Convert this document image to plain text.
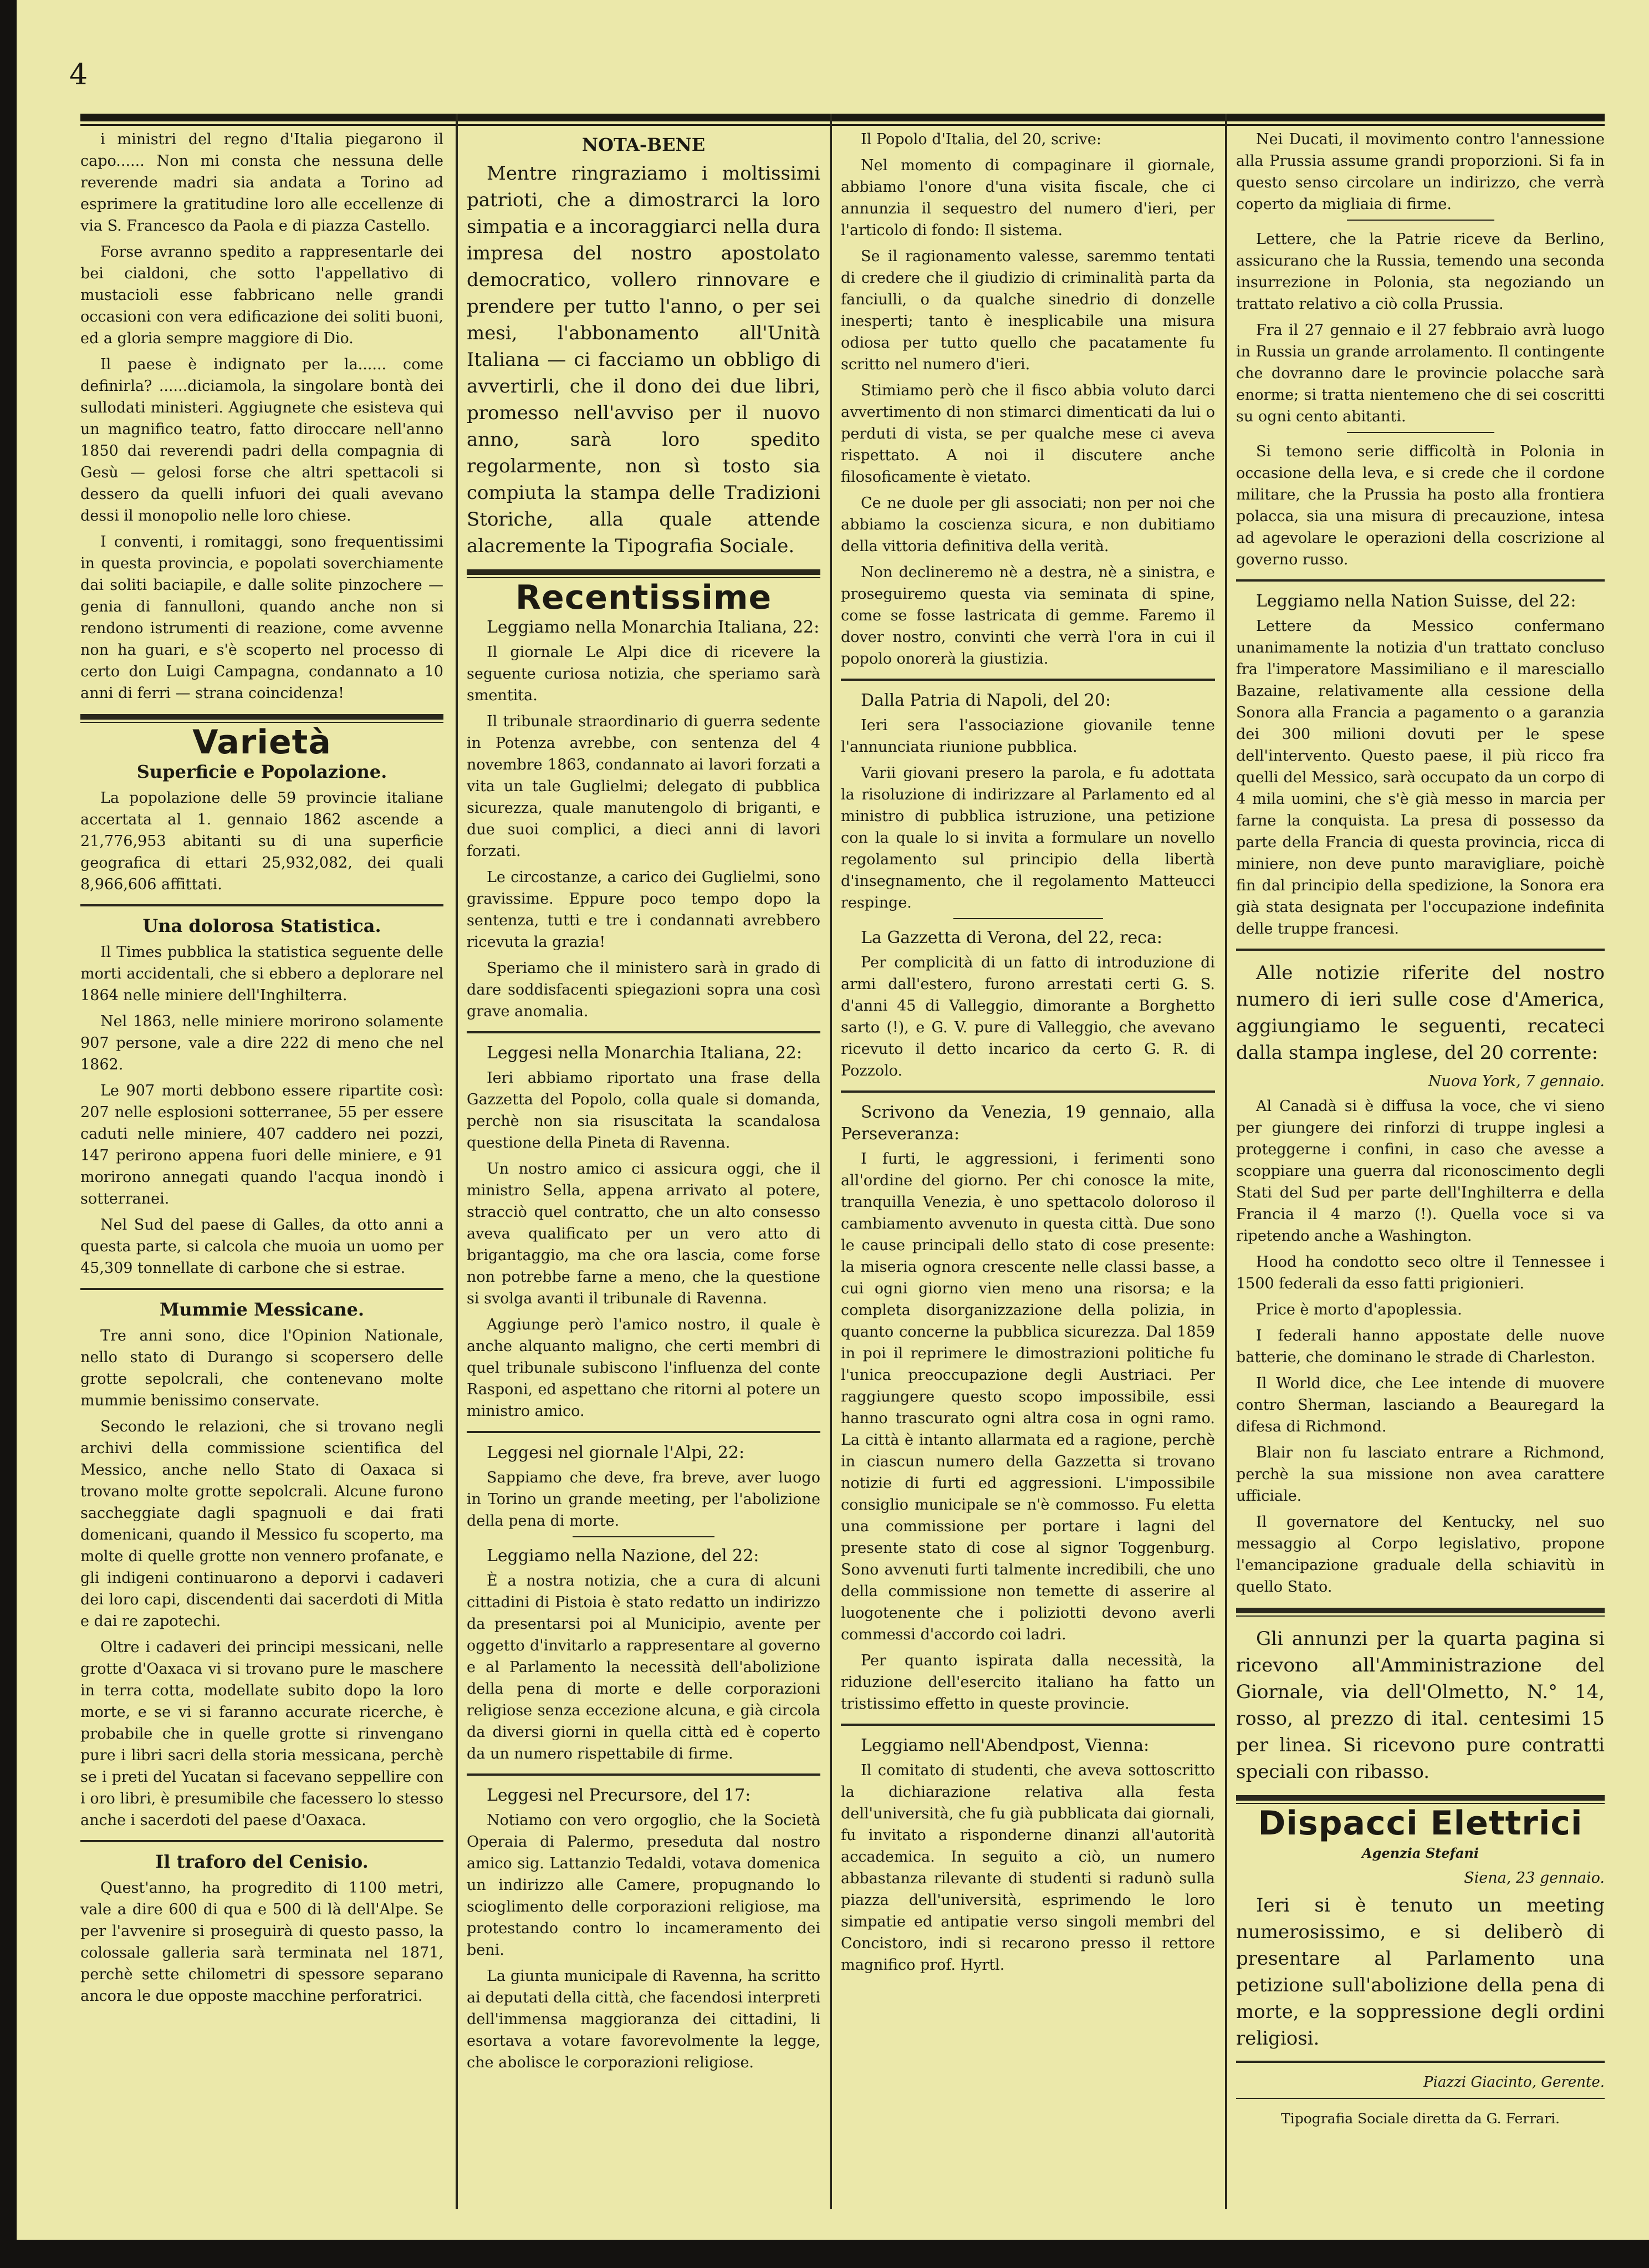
4

i ministri del regno d'Italia piegarono il capo...... Non mi consta che nessuna delle reverende madri sia andata a Torino ad esprimere la gratitudine loro alle eccellenze di via S. Francesco da Paola e di piazza Castello.

Forse avranno spedito a rappresentarle dei bei cialdoni, che sotto l'appellativo di mustacioli esse fabbricano nelle grandi occasioni con vera edificazione dei soliti buoni, ed a gloria sempre maggiore di Dio.

Il paese è indignato per la...... come definirla? ......diciamola, la singolare bontà dei sullodati ministeri. Aggiugnete che esisteva qui un magnifico teatro, fatto diroccare nell'anno 1850 dai reverendi padri della compagnia di Gesù — gelosi forse che altri spettacoli si dessero da quelli infuori dei quali avevano dessi il monopolio nelle loro chiese.

I conventi, i romitaggi, sono frequentissimi in questa provincia, e popolati soverchiamente dai soliti baciapile, e dalle solite pinzochere — genia di fannulloni, quando anche non si rendono istrumenti di reazione, come avvenne non ha guari, e s'è scoperto nel processo di certo don Luigi Campagna, condannato a 10 anni di ferri — strana coincidenza!

Varietà
Superficie e Popolazione.

La popolazione delle 59 provincie italiane accertata al 1. gennaio 1862 ascende a 21,776,953 abitanti su di una superficie geografica di ettari 25,932,082, dei quali 8,966,606 affittati.

Una dolorosa Statistica.

Il Times pubblica la statistica seguente delle morti accidentali, che si ebbero a deplorare nel 1864 nelle miniere dell'Inghilterra.

Nel 1863, nelle miniere morirono solamente 907 persone, vale a dire 222 di meno che nel 1862.

Le 907 morti debbono essere ripartite così: 207 nelle esplosioni sotterranee, 55 per essere caduti nelle miniere, 407 caddero nei pozzi, 147 perirono appena fuori delle miniere, e 91 morirono annegati quando l'acqua inondò i sotterranei.

Nel Sud del paese di Galles, da otto anni a questa parte, si calcola che muoia un uomo per 45,309 tonnellate di carbone che si estrae.

Mummie Messicane.

Tre anni sono, dice l'Opinion Nationale, nello stato di Durango si scopersero delle grotte sepolcrali, che contenevano molte mummie benissimo conservate.

Secondo le relazioni, che si trovano negli archivi della commissione scientifica del Messico, anche nello Stato di Oaxaca si trovano molte grotte sepolcrali. Alcune furono saccheggiate dagli spagnuoli e dai frati domenicani, quando il Messico fu scoperto, ma molte di quelle grotte non vennero profanate, e gli indigeni continuarono a deporvi i cadaveri dei loro capi, discendenti dai sacerdoti di Mitla e dai re zapotechi.

Oltre i cadaveri dei principi messicani, nelle grotte d'Oaxaca vi si trovano pure le maschere in terra cotta, modellate subito dopo la loro morte, e se vi si faranno accurate ricerche, è probabile che in quelle grotte si rinvengano pure i libri sacri della storia messicana, perchè se i preti del Yucatan si facevano seppellire con i oro libri, è presumibile che facessero lo stesso anche i sacerdoti del paese d'Oaxaca.

Il traforo del Cenisio.

Quest'anno, ha progredito di 1100 metri, vale a dire 600 di qua e 500 di là dell'Alpe. Se per l'avvenire si proseguirà di questo passo, la colossale galleria sarà terminata nel 1871, perchè sette chilometri di spessore separano ancora le due opposte macchine perforatrici.

NOTA-BENE

Mentre ringraziamo i moltissimi patrioti, che a dimostrarci la loro simpatia e a incoraggiarci nella dura impresa del nostro apostolato democratico, vollero rinnovare e prendere per tutto l'anno, o per sei mesi, l'abbonamento all'Unità Italiana — ci facciamo un obbligo di avvertirli, che il dono dei due libri, promesso nell'avviso per il nuovo anno, sarà loro spedito regolarmente, non sì tosto sia compiuta la stampa delle Tradizioni Storiche, alla quale attende alacremente la Tipografia Sociale.

Recentissime
Leggiamo nella Monarchia Italiana, 22:

Il giornale Le Alpi dice di ricevere la seguente curiosa notizia, che speriamo sarà smentita.

Il tribunale straordinario di guerra sedente in Potenza avrebbe, con sentenza del 4 novembre 1863, condannato ai lavori forzati a vita un tale Guglielmi; delegato di pubblica sicurezza, quale manutengolo di briganti, e due suoi complici, a dieci anni di lavori forzati.

Le circostanze, a carico dei Guglielmi, sono gravissime. Eppure poco tempo dopo la sentenza, tutti e tre i condannati avrebbero ricevuta la grazia!

Speriamo che il ministero sarà in grado di dare soddisfacenti spiegazioni sopra una così grave anomalia.

Leggesi nella Monarchia Italiana, 22:

Ieri abbiamo riportato una frase della Gazzetta del Popolo, colla quale si domanda, perchè non sia risuscitata la scandalosa questione della Pineta di Ravenna.

Un nostro amico ci assicura oggi, che il ministro Sella, appena arrivato al potere, stracciò quel contratto, che un alto consesso aveva qualificato per un vero atto di brigantaggio, ma che ora lascia, come forse non potrebbe farne a meno, che la questione si svolga avanti il tribunale di Ravenna.

Aggiunge però l'amico nostro, il quale è anche alquanto maligno, che certi membri di quel tribunale subiscono l'influenza del conte Rasponi, ed aspettano che ritorni al potere un ministro amico.

Leggesi nel giornale l'Alpi, 22:

Sappiamo che deve, fra breve, aver luogo in Torino un grande meeting, per l'abolizione della pena di morte.

Leggiamo nella Nazione, del 22:

È a nostra notizia, che a cura di alcuni cittadini di Pistoia è stato redatto un indirizzo da presentarsi poi al Municipio, avente per oggetto d'invitarlo a rappresentare al governo e al Parlamento la necessità dell'abolizione della pena di morte e delle corporazioni religiose senza eccezione alcuna, e già circola da diversi giorni in quella città ed è coperto da un numero rispettabile di firme.

Leggesi nel Precursore, del 17:

Notiamo con vero orgoglio, che la Società Operaia di Palermo, preseduta dal nostro amico sig. Lattanzio Tedaldi, votava domenica un indirizzo alle Camere, propugnando lo scioglimento delle corporazioni religiose, ma protestando contro lo incameramento dei beni.

La giunta municipale di Ravenna, ha scritto ai deputati della città, che facendosi interpreti dell'immensa maggioranza dei cittadini, li esortava a votare favorevolmente la legge, che abolisce le corporazioni religiose.

Il Popolo d'Italia, del 20, scrive:

Nel momento di compaginare il giornale, abbiamo l'onore d'una visita fiscale, che ci annunzia il sequestro del numero d'ieri, per l'articolo di fondo: Il sistema.

Se il ragionamento valesse, saremmo tentati di credere che il giudizio di criminalità parta da fanciulli, o da qualche sinedrio di donzelle inesperti; tanto è inesplicabile una misura odiosa per tutto quello che pacatamente fu scritto nel numero d'ieri.

Stimiamo però che il fisco abbia voluto darci avvertimento di non stimarci dimenticati da lui o perduti di vista, se per qualche mese ci aveva rispettato. A noi il discutere anche filosoficamente è vietato.

Ce ne duole per gli associati; non per noi che abbiamo la coscienza sicura, e non dubitiamo della vittoria definitiva della verità.

Non declineremo nè a destra, nè a sinistra, e proseguiremo questa via seminata di spine, come se fosse lastricata di gemme. Faremo il dover nostro, convinti che verrà l'ora in cui il popolo onorerà la giustizia.

Dalla Patria di Napoli, del 20:

Ieri sera l'associazione giovanile tenne l'annunciata riunione pubblica.

Varii giovani presero la parola, e fu adottata la risoluzione di indirizzare al Parlamento ed al ministro di pubblica istruzione, una petizione con la quale lo si invita a formulare un novello regolamento sul principio della libertà d'insegnamento, che il regolamento Matteucci respinge.

La Gazzetta di Verona, del 22, reca:

Per complicità di un fatto di introduzione di armi dall'estero, furono arrestati certi G. S. d'anni 45 di Valleggio, dimorante a Borghetto sarto (!), e G. V. pure di Valleggio, che avevano ricevuto il detto incarico da certo G. R. di Pozzolo.

Scrivono da Venezia, 19 gennaio, alla Perseveranza:

I furti, le aggressioni, i ferimenti sono all'ordine del giorno. Per chi conosce la mite, tranquilla Venezia, è uno spettacolo doloroso il cambiamento avvenuto in questa città. Due sono le cause principali dello stato di cose presente: la miseria ognora crescente nelle classi basse, a cui ogni giorno vien meno una risorsa; e la completa disorganizzazione della polizia, in quanto concerne la pubblica sicurezza. Dal 1859 in poi il reprimere le dimostrazioni politiche fu l'unica preoccupazione degli Austriaci. Per raggiungere questo scopo impossibile, essi hanno trascurato ogni altra cosa in ogni ramo. La città è intanto allarmata ed a ragione, perchè in ciascun numero della Gazzetta si trovano notizie di furti ed aggressioni. L'impossibile consiglio municipale se n'è commosso. Fu eletta una commissione per portare i lagni del presente stato di cose al signor Toggenburg. Sono avvenuti furti talmente incredibili, che uno della commissione non temette di asserire al luogotenente che i poliziotti devono averli commessi d'accordo coi ladri.

Per quanto ispirata dalla necessità, la riduzione dell'esercito italiano ha fatto un tristissimo effetto in queste provincie.

Leggiamo nell'Abendpost, Vienna:

Il comitato di studenti, che aveva sottoscritto la dichiarazione relativa alla festa dell'università, che fu già pubblicata dai giornali, fu invitato a risponderne dinanzi all'autorità accademica. In seguito a ciò, un numero abbastanza rilevante di studenti si radunò sulla piazza dell'università, esprimendo le loro simpatie ed antipatie verso singoli membri del Concistoro, indi si recarono presso il rettore magnifico prof. Hyrtl.

Nei Ducati, il movimento contro l'annessione alla Prussia assume grandi proporzioni. Si fa in questo senso circolare un indirizzo, che verrà coperto da migliaia di firme.

Lettere, che la Patrie riceve da Berlino, assicurano che la Russia, temendo una seconda insurrezione in Polonia, sta negoziando un trattato relativo a ciò colla Prussia.

Fra il 27 gennaio e il 27 febbraio avrà luogo in Russia un grande arrolamento. Il contingente che dovranno dare le provincie polacche sarà enorme; si tratta nientemeno che di sei coscritti su ogni cento abitanti.

Si temono serie difficoltà in Polonia in occasione della leva, e si crede che il cordone militare, che la Prussia ha posto alla frontiera polacca, sia una misura di precauzione, intesa ad agevolare le operazioni della coscrizione al governo russo.

Leggiamo nella Nation Suisse, del 22:

Lettere da Messico confermano unanimamente la notizia d'un trattato concluso fra l'imperatore Massimiliano e il maresciallo Bazaine, relativamente alla cessione della Sonora alla Francia a pagamento o a garanzia dei 300 milioni dovuti per le spese dell'intervento. Questo paese, il più ricco fra quelli del Messico, sarà occupato da un corpo di 4 mila uomini, che s'è già messo in marcia per farne la conquista. La presa di possesso da parte della Francia di questa provincia, ricca di miniere, non deve punto maravigliare, poichè fin dal principio della spedizione, la Sonora era già stata designata per l'occupazione indefinita delle truppe francesi.

Alle notizie riferite del nostro numero di ieri sulle cose d'America, aggiungiamo le seguenti, recateci dalla stampa inglese, del 20 corrente:

Nuova York, 7 gennaio.

Al Canadà si è diffusa la voce, che vi sieno per giungere dei rinforzi di truppe inglesi a proteggerne i confini, in caso che avesse a scoppiare una guerra dal riconoscimento degli Stati del Sud per parte dell'Inghilterra e della Francia il 4 marzo (!). Quella voce si va ripetendo anche a Washington.

Hood ha condotto seco oltre il Tennessee i 1500 federali da esso fatti prigionieri.

Price è morto d'apoplessia.

I federali hanno appostate delle nuove batterie, che dominano le strade di Charleston.

Il World dice, che Lee intende di muovere contro Sherman, lasciando a Beauregard la difesa di Richmond.

Blair non fu lasciato entrare a Richmond, perchè la sua missione non avea carattere ufficiale.

Il governatore del Kentucky, nel suo messaggio al Corpo legislativo, propone l'emancipazione graduale della schiavitù in quello Stato.

Gli annunzi per la quarta pagina si ricevono all'Amministrazione del Giornale, via dell'Olmetto, N.° 14, rosso, al prezzo di ital. centesimi 15 per linea. Si ricevono pure contratti speciali con ribasso.

Dispacci Elettrici
Agenzia Stefani
Siena, 23 gennaio.

Ieri si è tenuto un meeting numerosissimo, e si deliberò di presentare al Parlamento una petizione sull'abolizione della pena di morte, e la soppressione degli ordini religiosi.

Piazzi Giacinto, Gerente.
Tipografia Sociale diretta da G. Ferrari.
